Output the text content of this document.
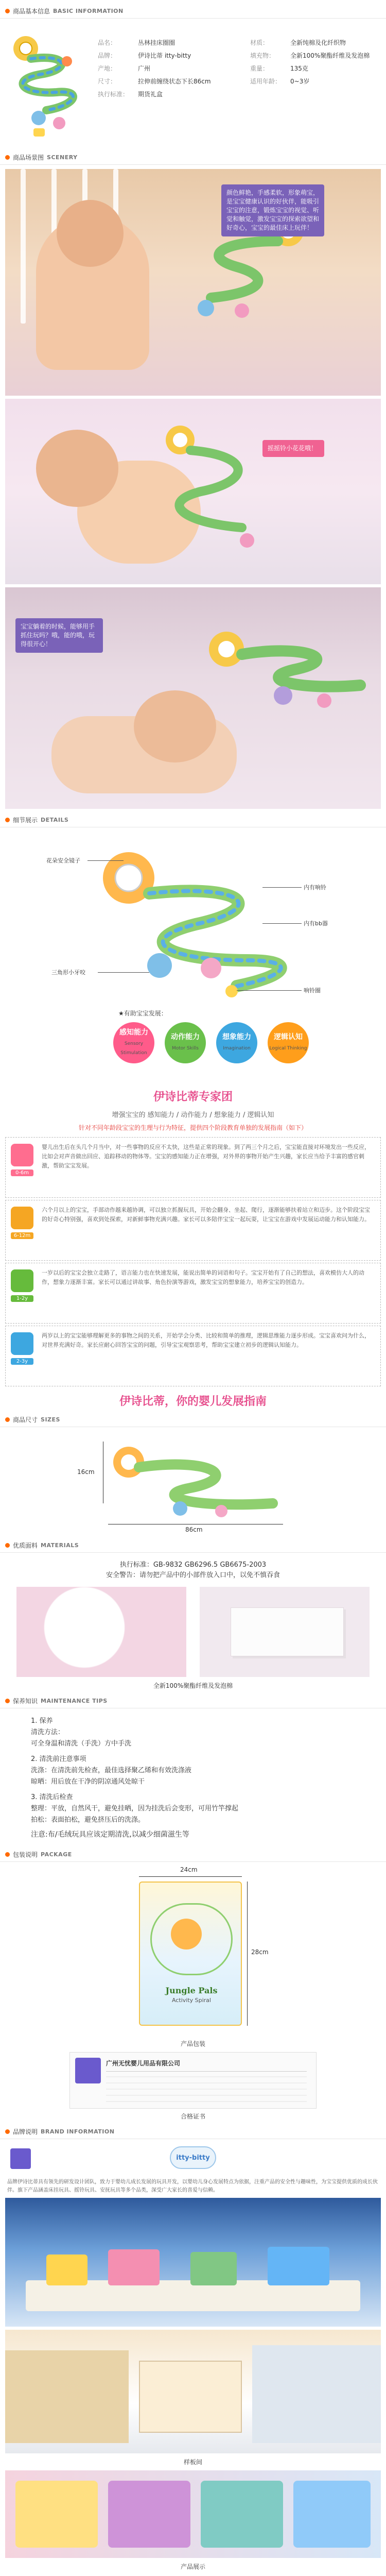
商品基本信息 BASIC INFORMATION
品名：	丛林挂床圈圈	材质：	全新纯棉及化纤织物
品牌：	伊诗比蒂 itty-bitty	填充物：	全新100%聚酯纤维及发泡棉
产地：	广州	重量：	135克
尺寸：	拉伸前缠绕状态下长86cm	适用年龄：	0~3岁
执行标准：	期货礼盒
商品场景图 SCENERY
颜色鲜艳，手感柔软，形象萌宝，是宝宝健康认识的好伙伴，能吸引宝宝的注意，锻炼宝宝的视觉、听觉和触觉，激发宝宝的探索欲望和好奇心，宝宝的最佳床上玩伴！
摇摇铃小花花哦！
宝宝躺着的时候，能够用手抓住玩吗？哦，能的哦，玩得很开心！
细节展示 DETAILS
花朵安全镜子
内有响铃
内有bb器
三角形小牙咬
响铃圈
★有助宝宝发展：
感知能力
Sensory Stimulation
动作能力
Motor Skills
想象能力
Imagination
逻辑认知
Logical Thinking
伊诗比蒂专家团
增强宝宝的 感知能力 / 动作能力 / 想象能力 / 逻辑认知
针对不同年龄段宝宝的生理与行为特征，提供四个阶段教育单独的发展指南（如下）
0-6m

婴儿出生后在头几个月当中，对一些事物的反应不太快，这些是正常的现象。到了两三个月之后，宝宝能直接对环境发出一些反应，比如会对声音做出回应、追踪移动的物体等。宝宝的感知能力正在增强，对外界的事物开始产生兴趣，家长应当给予丰富的感官刺激，帮助宝宝发展。

6-12m

六个月以上的宝宝，手部动作越来越协调，可以独立抓握玩具，开始会翻身、坐起、爬行，逐渐能够扶着站立和迈步。这个阶段宝宝的好奇心特别强，喜欢到处探索，对新鲜事物充满兴趣。家长可以多陪伴宝宝一起玩耍，让宝宝在游戏中发展运动能力和认知能力。

1-2y

一岁以后的宝宝会独立走路了，语言能力也在快速发展，能说出简单的词语和句子。宝宝开始有了自己的想法，喜欢模仿大人的动作，想象力逐渐丰富。家长可以通过讲故事、角色扮演等游戏，激发宝宝的想象能力，培养宝宝的创造力。

2-3y

两岁以上的宝宝能够理解更多的事物之间的关系，开始学会分类、比较和简单的推理，逻辑思维能力逐步形成。宝宝喜欢问为什么，对世界充满好奇。家长应耐心回答宝宝的问题，引导宝宝观察思考，帮助宝宝建立初步的逻辑认知能力。

伊诗比蒂，你的婴儿发展指南
商品尺寸 SIZES
16cm
86cm
优质面料 MATERIALS
执行标准：GB-9832 GB6296.5 GB6675-2003
安全警告：请勿把产品中的小部件放入口中，以免不慎吞食
全新100%聚酯纤维及发泡棉
保养知识 MAINTENANCE TIPS
1. 保养
清洗方法：
可全身温和清洗（手洗）方中手洗
2. 清洗前注意事项
洗涤：在清洗前先检查，最佳选择聚乙烯和有效洗涤液
晾晒：用后放在干净的阴凉通风处晾干
3. 清洗后检查
整理：平放，自然风干，避免挂晒，因为挂洗后会变形，可用竹竿撑起
拍松：表面拍松，避免挤压后的洗涤。
注意:布/毛绒玩具应该定期清洗,以减少细菌滋生等
包装说明 PACKAGE
24cm
Jungle Pals
Activity Spiral
28cm
产品包装
广州无忧婴儿用品有限公司
合格证书
品牌说明 BRAND INFORMATION
itty-bitty
品牌伊诗比蒂具有领先的研发设计团队，致力于婴幼儿成长发展的玩具开发，以婴幼儿身心发展特点为依据，注重产品的安全性与趣味性，为宝宝提供优质的成长伙伴。旗下产品涵盖床挂玩具、摇铃玩具、安抚玩具等多个品类，深受广大家长的喜爱与信赖。
样板间
产品展示
